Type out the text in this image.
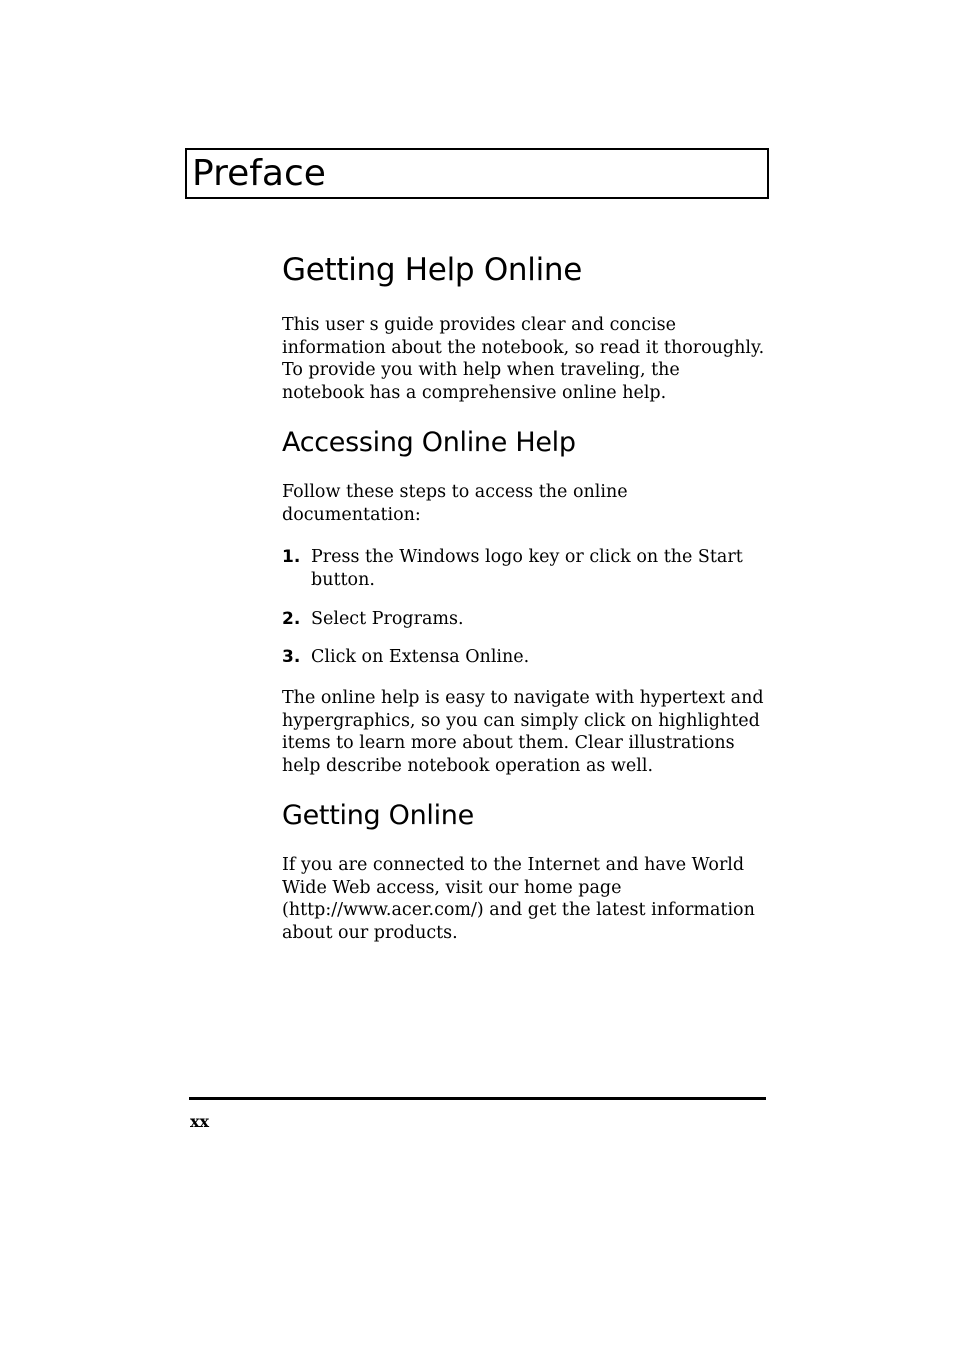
Preface
Getting Help Online

This user s guide provides clear and concise information about the notebook, so read it thoroughly. To provide you with help when traveling, the notebook has a comprehensive online help.

Accessing Online Help

Follow these steps to access the online documentation:

1. Press the Windows logo key or click on the Start button.
2. Select Programs.
3. Click on Extensa Online.

The online help is easy to navigate with hypertext and hypergraphics, so you can simply click on highlighted items to learn more about them. Clear illustrations help describe notebook operation as well.

Getting Online

If you are connected to the Internet and have World Wide Web access, visit our home page (http://www.acer.com/) and get the latest information about our products.

xx
